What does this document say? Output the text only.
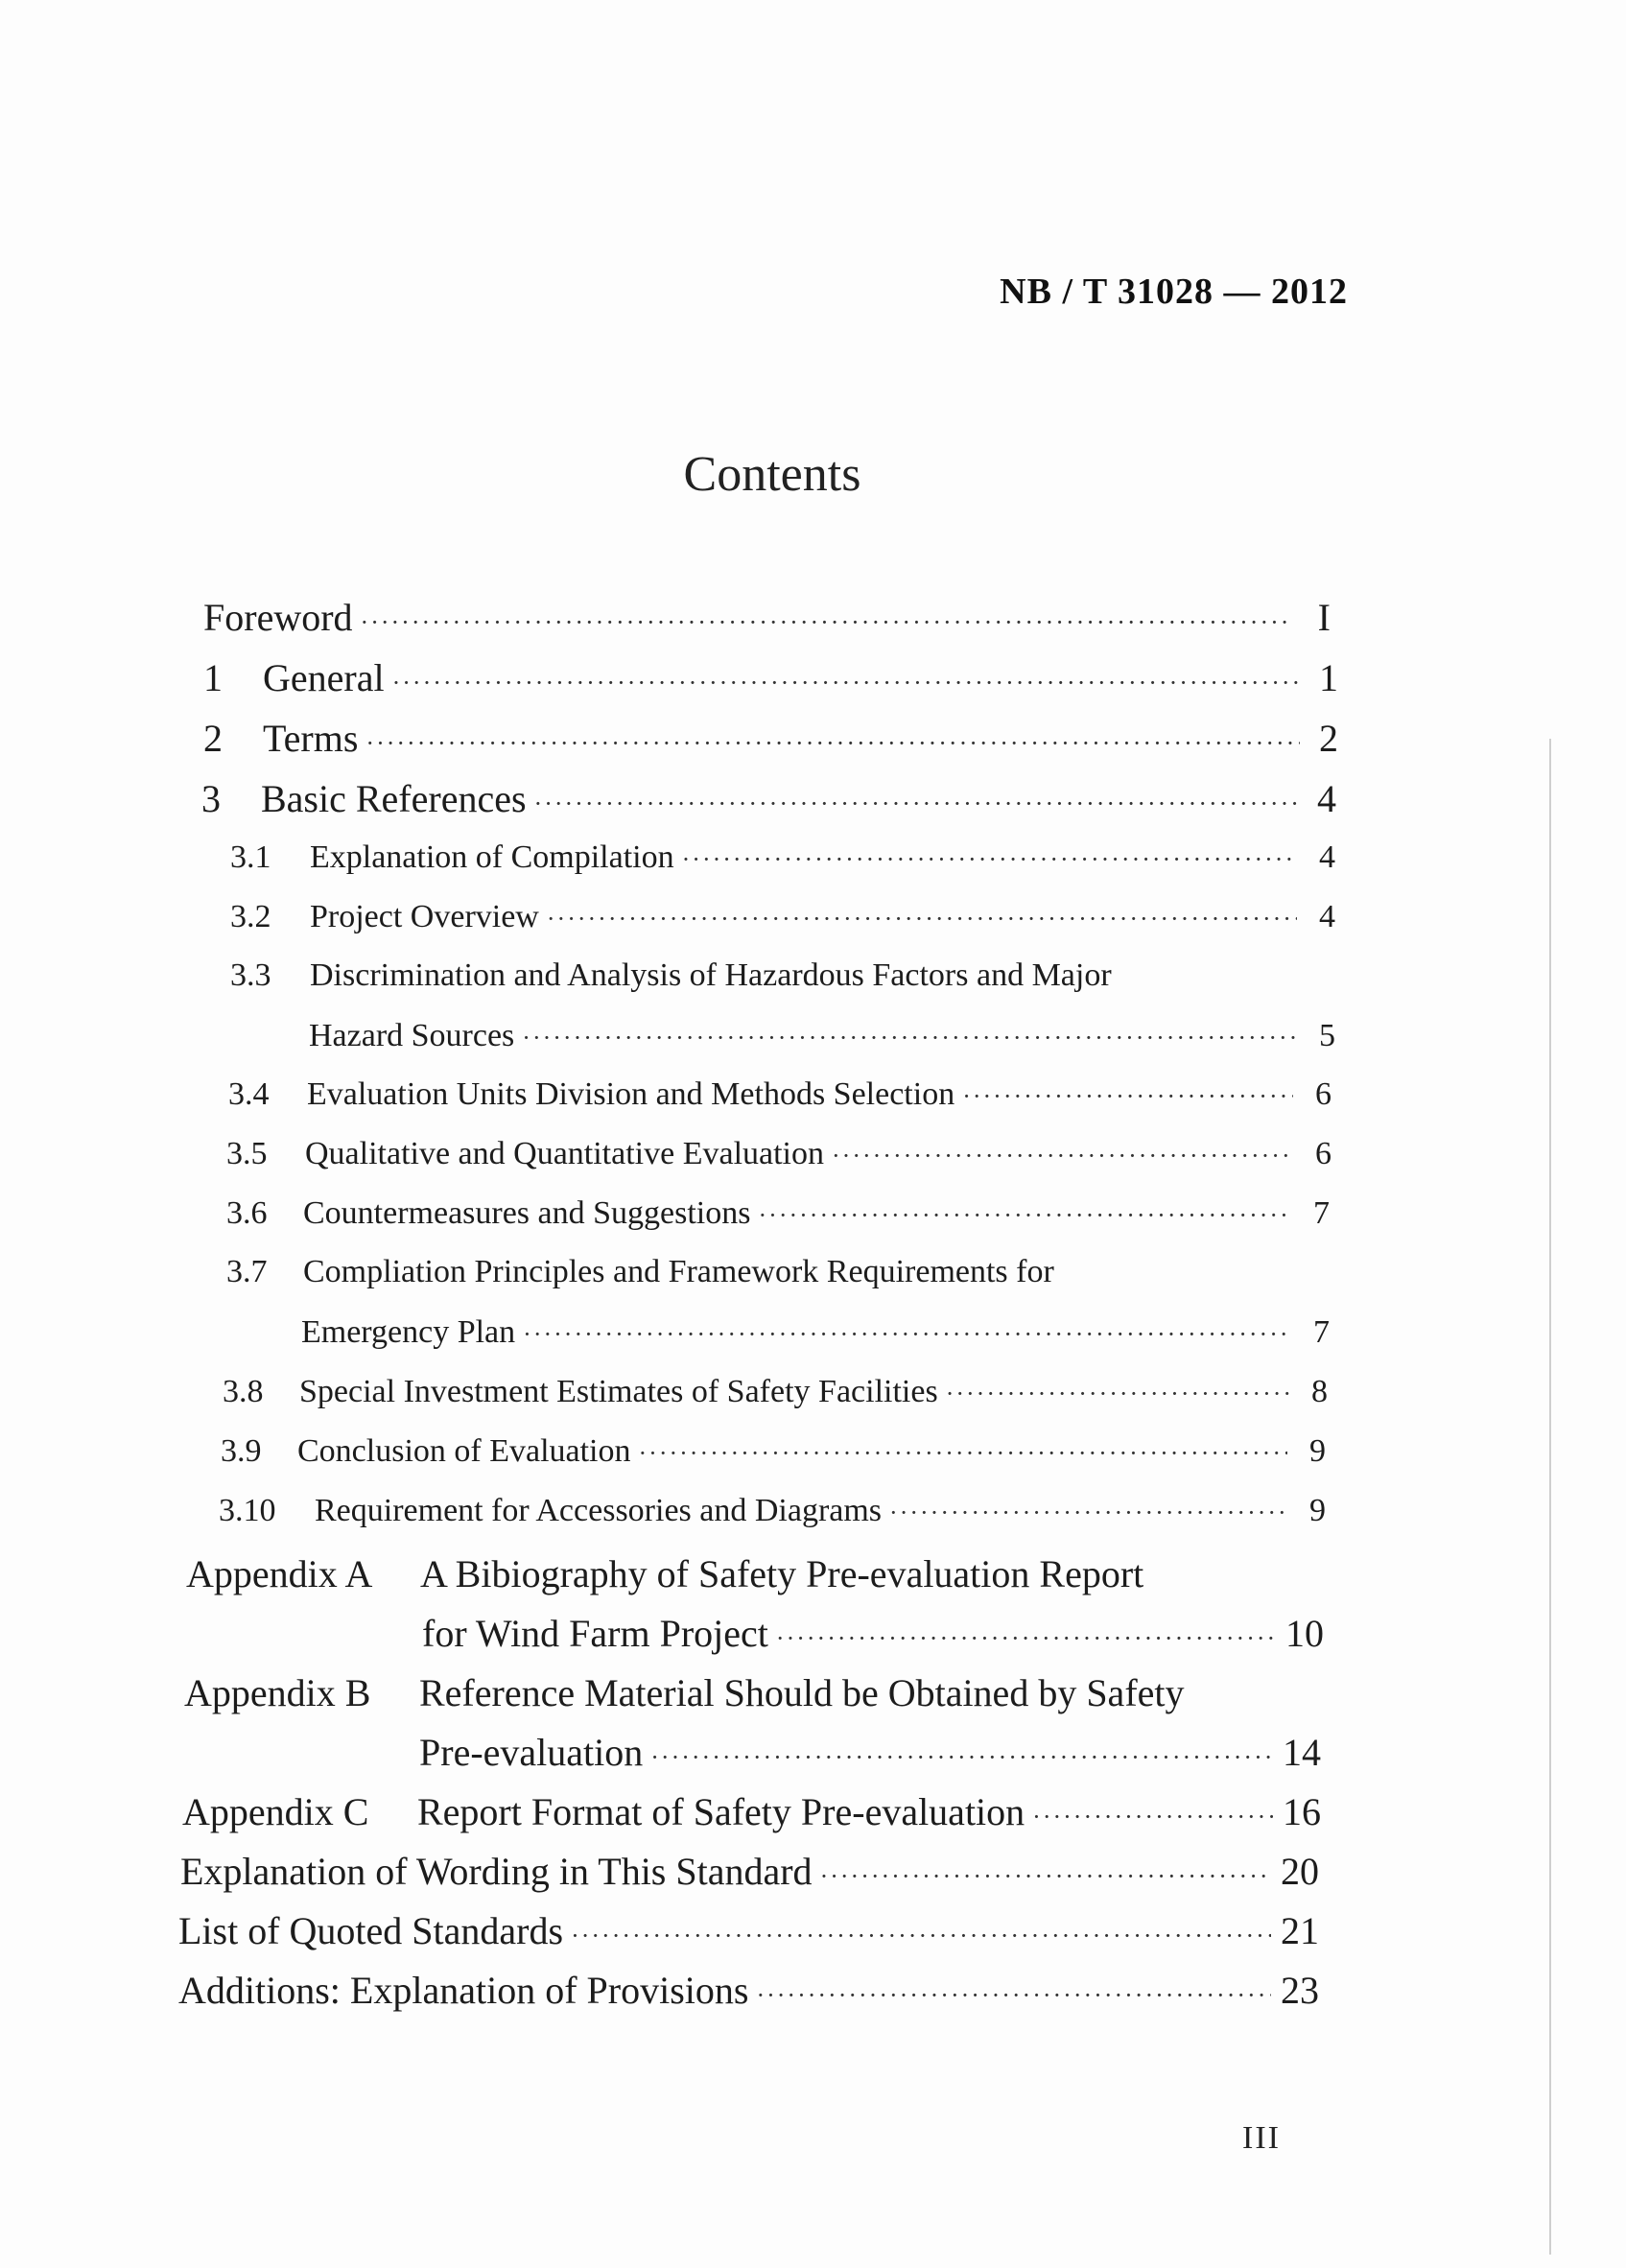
NB / T 31028 — 2012
Contents
Foreword ·····	I
1	General ·····	1
2	Terms ·····	2
3	Basic References ·····	4
3.1	Explanation of Compilation ·····	4
3.2	Project Overview ·····	4
3.3 Discrimination and Analysis of Hazardous Factors and Major
Hazard Sources ·····	5
3.4	Evaluation Units Division and Methods Selection ·····	6
3.5	Qualitative and Quantitative Evaluation ·····	6
3.6	Countermeasures and Suggestions ·····	7
3.7 Compliation Principles and Framework Requirements for
Emergency Plan ·····	7
3.8	Special Investment Estimates of Safety Facilities ·····	8
3.9	Conclusion of Evaluation ·····	9
3.10	Requirement for Accessories and Diagrams ·····	9
Appendix A A Bibiography of Safety Pre-evaluation Report
for Wind Farm Project ·····	10
Appendix B Reference Material Should be Obtained by Safety
Pre-evaluation ·····	14
Appendix C	Report Format of Safety Pre-evaluation ·····	16
Explanation of Wording in This Standard ·····	20
List of Quoted Standards ·····	21
Additions: Explanation of Provisions ·····	23
III
